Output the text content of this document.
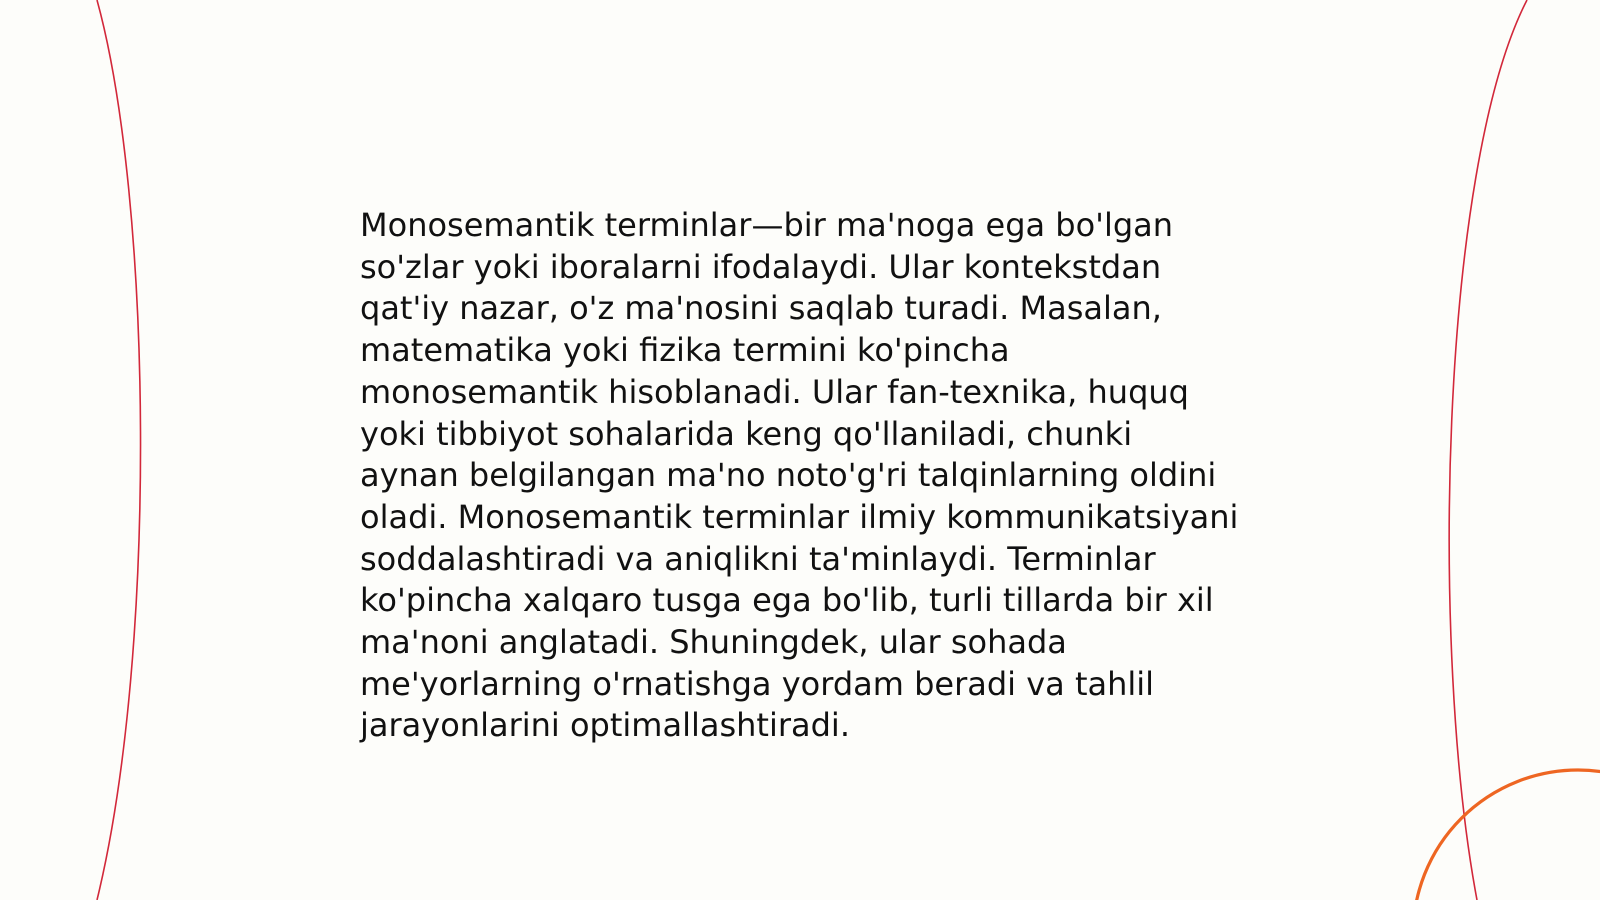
Monosemantik terminlar—bir ma'noga ega bo'lgan so'zlar yoki iboralarni ifodalaydi. Ular kontekstdan qat'iy nazar, o'z ma'nosini saqlab turadi. Masalan, matematika yoki fizika termini ko'pincha monosemantik hisoblanadi. Ular fan-texnika, huquq yoki tibbiyot sohalarida keng qo'llaniladi, chunki aynan belgilangan ma'no noto'g'ri talqinlarning oldini oladi. Monosemantik terminlar ilmiy kommunikatsiyani soddalashtiradi va aniqlikni ta'minlaydi. Terminlar ko'pincha xalqaro tusga ega bo'lib, turli tillarda bir xil ma'noni anglatadi. Shuningdek, ular sohada me'yorlarning o'rnatishga yordam beradi va tahlil jarayonlarini optimallashtiradi.
